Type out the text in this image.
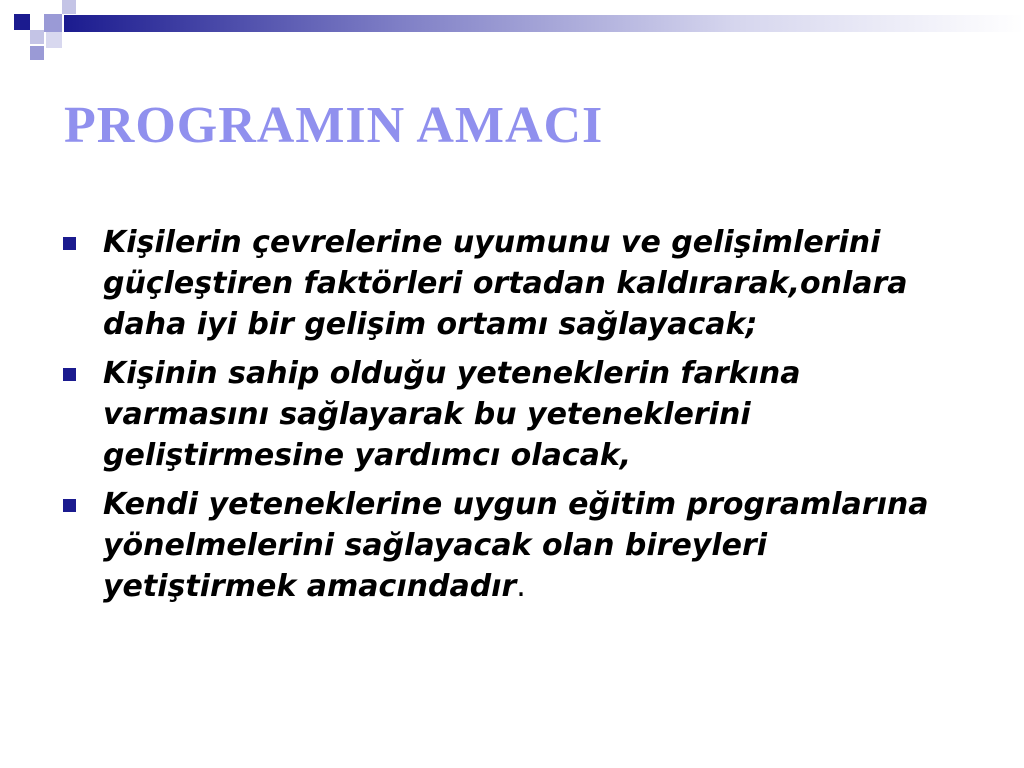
PROGRAMIN AMACI
Kişilerin çevrelerine uyumunu ve gelişimlerini güçleştiren faktörleri ortadan kaldırarak,onlara daha iyi bir gelişim ortamı sağlayacak;
Kişinin sahip olduğu yeteneklerin farkına varmasını sağlayarak bu yeteneklerini geliştirmesine yardımcı olacak,
Kendi yeteneklerine uygun eğitim programlarına yönelmelerini sağlayacak olan bireyleri yetiştirmek amacındadır.
